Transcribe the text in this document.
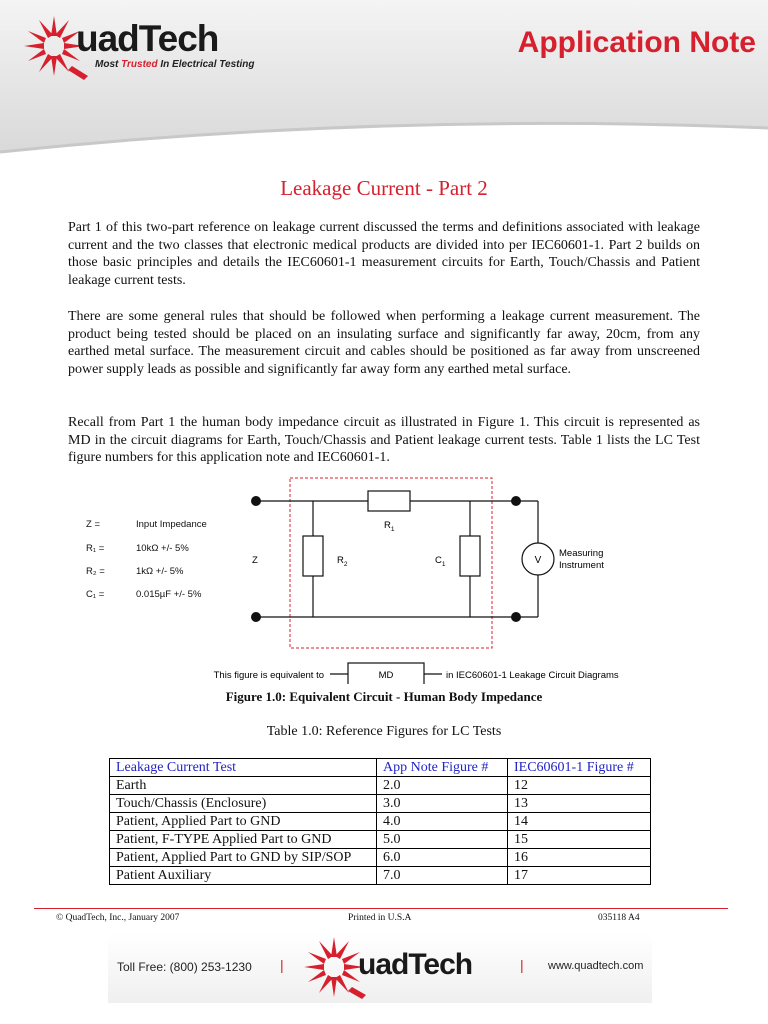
uadTech
Most Trusted In Electrical Testing
Application Note
Leakage Current - Part 2
Part 1 of this two-part reference on leakage current discussed the terms and definitions associated with leakage current and the two classes that electronic medical products are divided into per IEC60601-1. Part 2 builds on those basic principles and details the IEC60601-1 measurement circuits for Earth, Touch/Chassis and Patient leakage current tests.
There are some general rules that should be followed when performing a leakage current measurement. The product being tested should be placed on an insulating surface and significantly far away, 20cm, from any earthed metal surface. The measurement circuit and cables should be positioned as far away from unscreened power supply leads as possible and significantly far away form any earthed metal surface.
Recall from Part 1 the human body impedance circuit as illustrated in Figure 1. This circuit is represented as MD in the circuit diagrams for Earth, Touch/Chassis and Patient leakage current tests. Table 1 lists the LC Test figure numbers for this application note and IEC60601-1.
Z =	Input Impedance
R₁ =	10kΩ +/- 5%
R₂ =	1kΩ +/- 5%
C₁ =	0.015µF +/- 5%
$R_1$
$R_2$	$C_1$
Z	V
Measuring
Instrument
This figure is equivalent to	MD	in IEC60601-1 Leakage Circuit Diagrams
Figure 1.0: Equivalent Circuit - Human Body Impedance
Table 1.0: Reference Figures for LC Tests
Leakage Current Test	App Note Figure #	IEC60601-1 Figure #
Earth	2.0	12
Touch/Chassis (Enclosure)	3.0	13
Patient, Applied Part to GND	4.0	14
Patient, F-TYPE Applied Part to GND	5.0	15
Patient, Applied Part to GND by SIP/SOP	6.0	16
Patient Auxiliary	7.0	17
© QuadTech, Inc., January 2007	Printed in U.S.A	035118 A4
Toll Free: (800) 253-1230 | uadTech	| www.quadtech.com
